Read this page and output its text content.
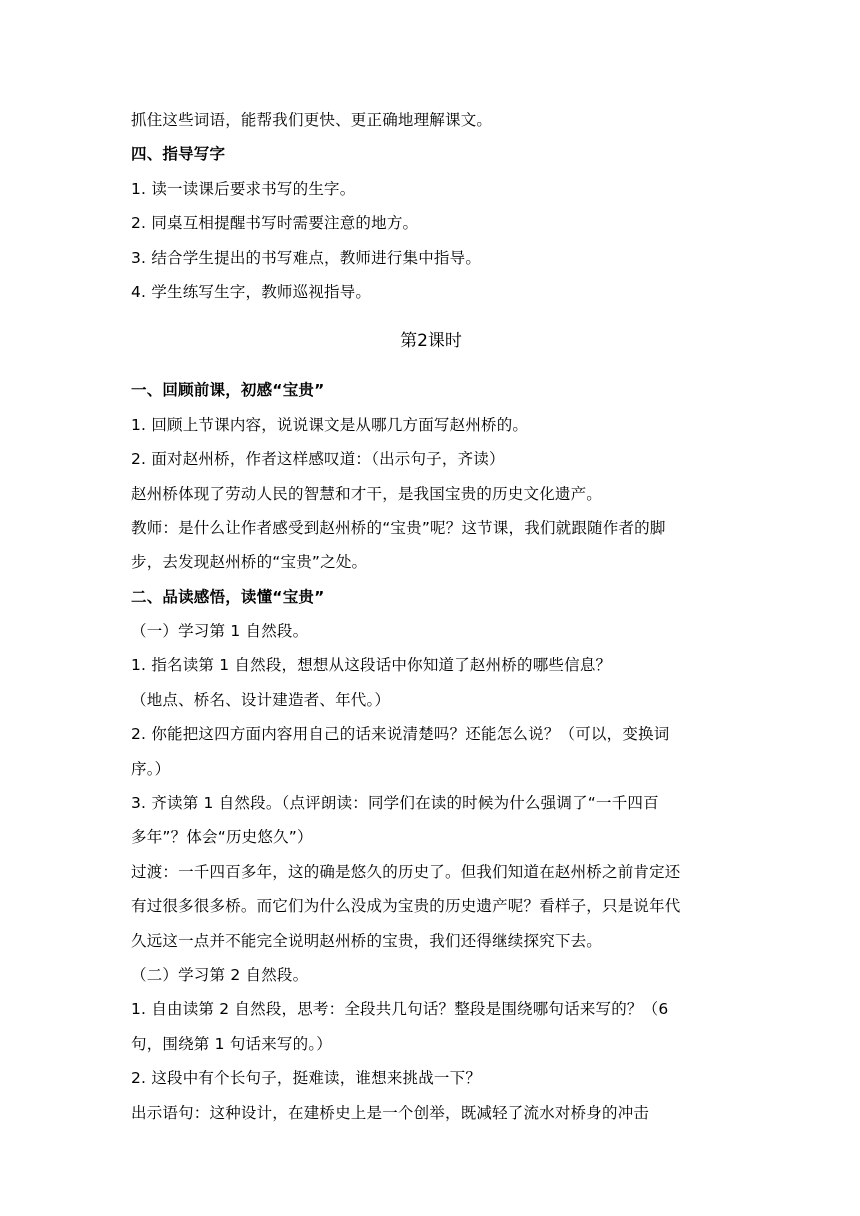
抓住这些词语，能帮我们更快、更正确地理解课文。
四、指导写字
1. 读一读课后要求书写的生字。
2. 同桌互相提醒书写时需要注意的地方。
3. 结合学生提出的书写难点，教师进行集中指导。
4. 学生练写生字，教师巡视指导。
第2课时
一、回顾前课，初感“宝贵”
1. 回顾上节课内容，说说课文是从哪几方面写赵州桥的。
2. 面对赵州桥，作者这样感叹道：（出示句子，齐读）
赵州桥体现了劳动人民的智慧和才干，是我国宝贵的历史文化遗产。
教师：是什么让作者感受到赵州桥的“宝贵”呢？这节课，我们就跟随作者的脚
步，去发现赵州桥的“宝贵”之处。
二、品读感悟，读懂“宝贵”
（一）学习第 1 自然段。
1. 指名读第 1 自然段，想想从这段话中你知道了赵州桥的哪些信息？
（地点、桥名、设计建造者、年代。）
2. 你能把这四方面内容用自己的话来说清楚吗？还能怎么说？（可以，变换词
序。）
3. 齐读第 1 自然段。（点评朗读：同学们在读的时候为什么强调了“一千四百
多年”？体会“历史悠久”）
过渡：一千四百多年，这的确是悠久的历史了。但我们知道在赵州桥之前肯定还
有过很多很多桥。而它们为什么没成为宝贵的历史遗产呢？看样子，只是说年代
久远这一点并不能完全说明赵州桥的宝贵，我们还得继续探究下去。
（二）学习第 2 自然段。
1. 自由读第 2 自然段，思考：全段共几句话？整段是围绕哪句话来写的？（6
句，围绕第 1 句话来写的。）
2. 这段中有个长句子，挺难读，谁想来挑战一下？
出示语句：这种设计，在建桥史上是一个创举，既减轻了流水对桥身的冲击
